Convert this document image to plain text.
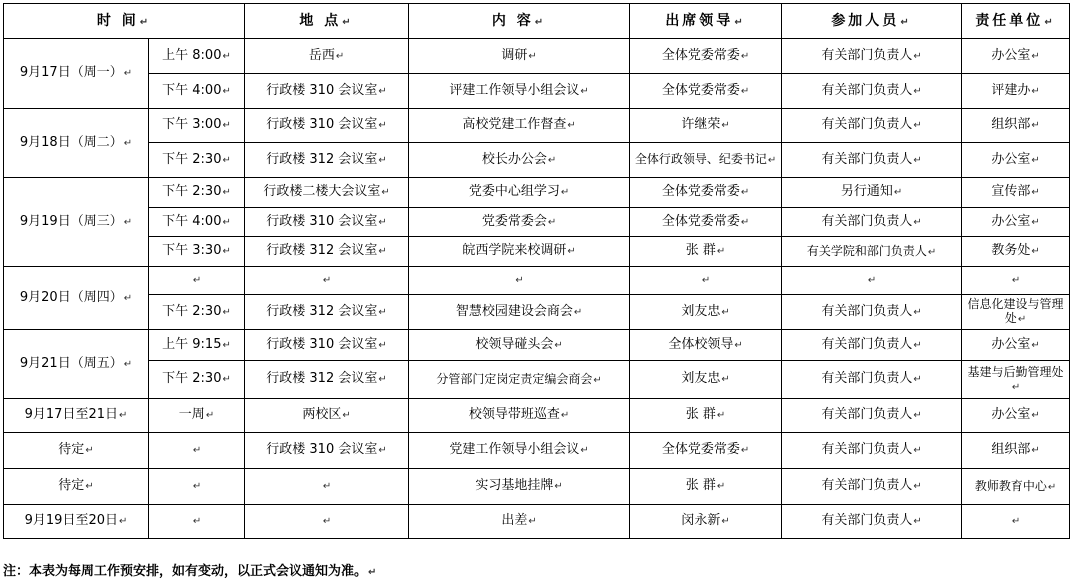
时 间↵		地 点↵	内 容↵	出席领导↵	参加人员↵	责任单位↵
9月17日（周一）↵	上午 8:00↵	岳西↵	调研↵	全体党委常委↵	有关部门负责人↵	办公室↵
	下午 4:00↵	行政楼 310 会议室↵	评建工作领导小组会议↵	全体党委常委↵	有关部门负责人↵	评建办↵
9月18日（周二）↵	下午 3:00↵	行政楼 310 会议室↵	高校党建工作督查↵	许继荣↵	有关部门负责人↵	组织部↵
	下午 2:30↵	行政楼 312 会议室↵	校长办公会↵	全体行政领导、纪委书记↵	有关部门负责人↵	办公室↵
9月19日（周三）↵	下午 2:30↵	行政楼二楼大会议室↵	党委中心组学习↵	全体党委常委↵	另行通知↵	宣传部↵
	下午 4:00↵	行政楼 310 会议室↵	党委常委会↵	全体党委常委↵	有关部门负责人↵	办公室↵
	下午 3:30↵	行政楼 312 会议室↵	皖西学院来校调研↵	张 群↵	有关学院和部门负责人↵	教务处↵
9月20日（周四）↵	↵	↵	↵	↵	↵	↵
	下午 2:30↵	行政楼 312 会议室↵	智慧校园建设会商会↵	刘友忠↵	有关部门负责人↵	信息化建设与管理处↵
9月21日（周五）↵	上午 9:15↵	行政楼 310 会议室↵	校领导碰头会↵	全体校领导↵	有关部门负责人↵	办公室↵
	下午 2:30↵	行政楼 312 会议室↵	分管部门定岗定责定编会商会↵	刘友忠↵	有关部门负责人↵	基建与后勤管理处↵
9月17日至21日↵	一周↵	两校区↵	校领导带班巡查↵	张 群↵	有关部门负责人↵	办公室↵
待定↵	↵	行政楼 310 会议室↵	党建工作领导小组会议↵	全体党委常委↵	有关部门负责人↵	组织部↵
待定↵	↵	↵	实习基地挂牌↵	张 群↵	有关部门负责人↵	教师教育中心↵
9月19日至20日↵	↵	↵	出差↵	闵永新↵	有关部门负责人↵	↵
注：本表为每周工作预安排，如有变动，以正式会议通知为准。↵
